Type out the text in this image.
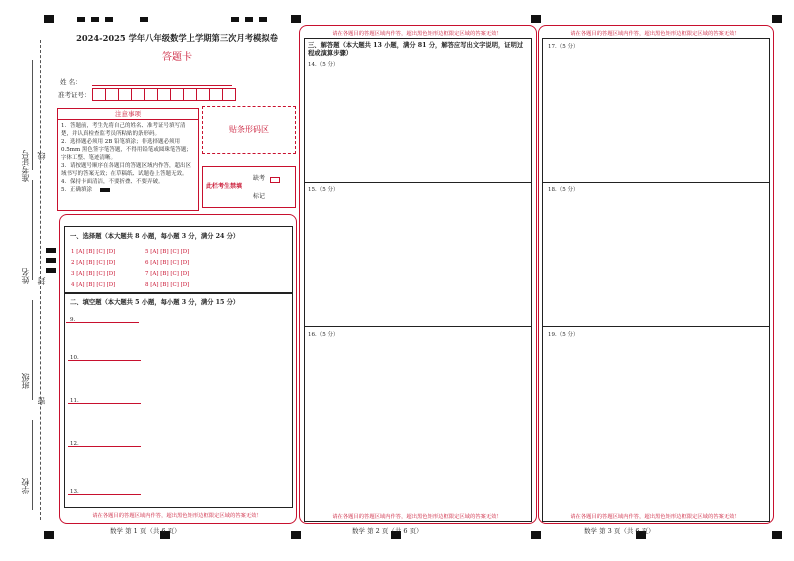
准考证号
姓名
班级
学校
线
封
密
2024-2025 学年八年级数学上学期第三次月考模拟卷
答题卡
姓 名：
准考证号：
注意事项
1．答题前，考生先将自己的姓名、准考证号填写清楚，并认真检查监考员所粘贴的条形码。
2．选择题必须用 2B 铅笔填涂；非选择题必须用 0.5mm 黑色签字笔答题，不得用铅笔或圆珠笔答题；字体工整、笔迹清晰。
3．请按题号顺序在各题目的答题区域内作答，超出区域书写的答案无效；在草稿纸、试题卷上答题无效。
4．保持卡面清洁，不要折叠、不要弄破。
5．正确填涂
贴条形码区
此栏考生禁填
缺考
标记
一、选择题（本大题共 8 小题，每小题 3 分，满分 24 分）
1 [A] [B] [C] [D]
2 [A] [B] [C] [D]
3 [A] [B] [C] [D]
4 [A] [B] [C] [D]
5 [A] [B] [C] [D]
6 [A] [B] [C] [D]
7 [A] [B] [C] [D]
8 [A] [B] [C] [D]
二、填空题（本大题共 5 小题，每小题 3 分，满分 15 分）
9.
10.
11.
12.
13.
请在各题目的答题区域内作答，超出黑色矩形边框限定区域的答案无效！
请在各题目的答题区域内作答，超出黑色矩形边框限定区域的答案无效！
三、解答题（本大题共 13 小题，满分 81 分，解答应写出文字说明，证明过程或演算步骤）
14.（5 分）
15.（5 分）
16.（5 分）
请在各题目的答题区域内作答，超出黑色矩形边框限定区域的答案无效！
请在各题目的答题区域内作答，超出黑色矩形边框限定区域的答案无效！
17.（5 分）
18.（5 分）
19.（5 分）
请在各题目的答题区域内作答，超出黑色矩形边框限定区域的答案无效！
数学 第 1 页（共 6 页）	数学 第 2 页（共 6 页）	数学 第 3 页（共 6 页）
